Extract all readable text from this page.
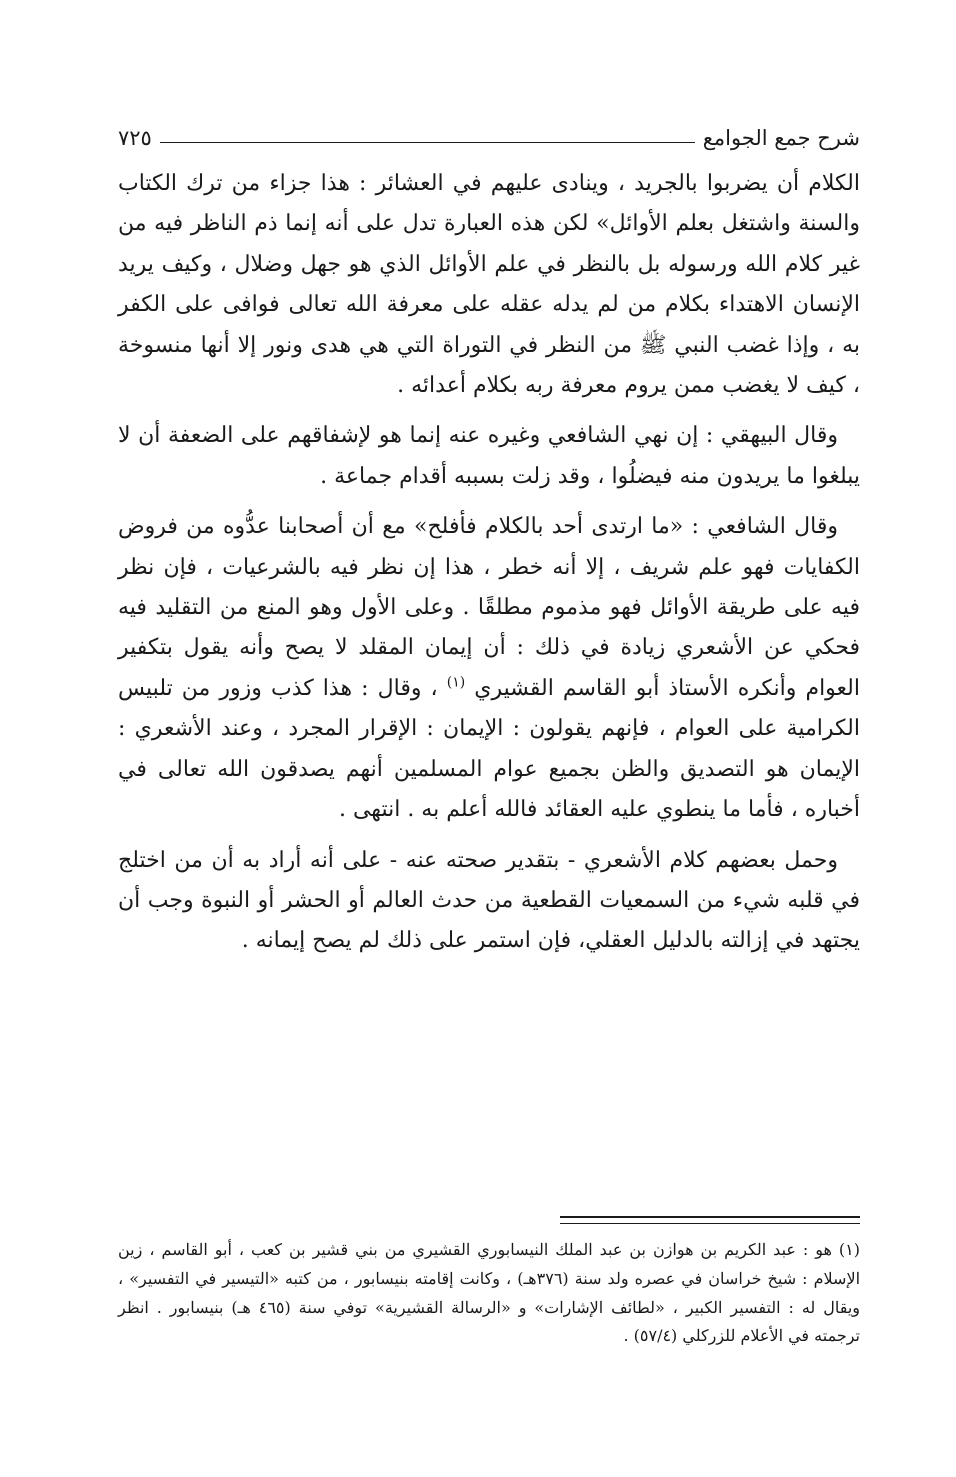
شرح جمع الجوامع
٧٢٥

الكلام أن يضربوا بالجريد ، وينادى عليهم في العشائر : هذا جزاء من ترك الكتاب والسنة واشتغل بعلم الأوائل» لكن هذه العبارة تدل على أنه إنما ذم الناظر فيه من غير كلام الله ورسوله بل بالنظر في علم الأوائل الذي هو جهل وضلال ، وكيف يريد الإنسان الاهتداء بكلام من لم يدله عقله على معرفة الله تعالى فوافى على الكفر به ، وإذا غضب النبي ﷺ من النظر في التوراة التي هي هدى ونور إلا أنها منسوخة ، كيف لا يغضب ممن يروم معرفة ربه بكلام أعدائه .

وقال البيهقي : إن نهي الشافعي وغيره عنه إنما هو لإشفاقهم على الضعفة أن لا يبلغوا ما يريدون منه فيضلُوا ، وقد زلت بسببه أقدام جماعة .

وقال الشافعي : «ما ارتدى أحد بالكلام فأفلح» مع أن أصحابنا عدُّوه من فروض الكفايات فهو علم شريف ، إلا أنه خطر ، هذا إن نظر فيه بالشرعيات ، فإن نظر فيه على طريقة الأوائل فهو مذموم مطلقًا . وعلى الأول وهو المنع من التقليد فيه فحكي عن الأشعري زيادة في ذلك : أن إيمان المقلد لا يصح وأنه يقول بتكفير العوام وأنكره الأستاذ أبو القاسم القشيري $^{(١)}$ ، وقال : هذا كذب وزور من تلبيس الكرامية على العوام ، فإنهم يقولون : الإيمان : الإقرار المجرد ، وعند الأشعري : الإيمان هو التصديق والظن بجميع عوام المسلمين أنهم يصدقون الله تعالى في أخباره ، فأما ما ينطوي عليه العقائد فالله أعلم به . انتهى .

وحمل بعضهم كلام الأشعري - بتقدير صحته عنه - على أنه أراد به أن من اختلج في قلبه شيء من السمعيات القطعية من حدث العالم أو الحشر أو النبوة وجب أن يجتهد في إزالته بالدليل العقلي، فإن استمر على ذلك لم يصح إيمانه .

(١) هو : عبد الكريم بن هوازن بن عبد الملك النيسابوري القشيري من بني قشير بن كعب ، أبو القاسم ، زين الإسلام : شيخ خراسان في عصره ولد سنة (٣٧٦هـ) ، وكانت إقامته بنيسابور ، من كتبه «التيسير في التفسير» ، ويقال له : التفسير الكبير ، «لطائف الإشارات» و «الرسالة القشيرية» توفي سنة (٤٦٥ هـ) بنيسابور . انظر ترجمته في الأعلام للزركلي (٥٧/٤) .
